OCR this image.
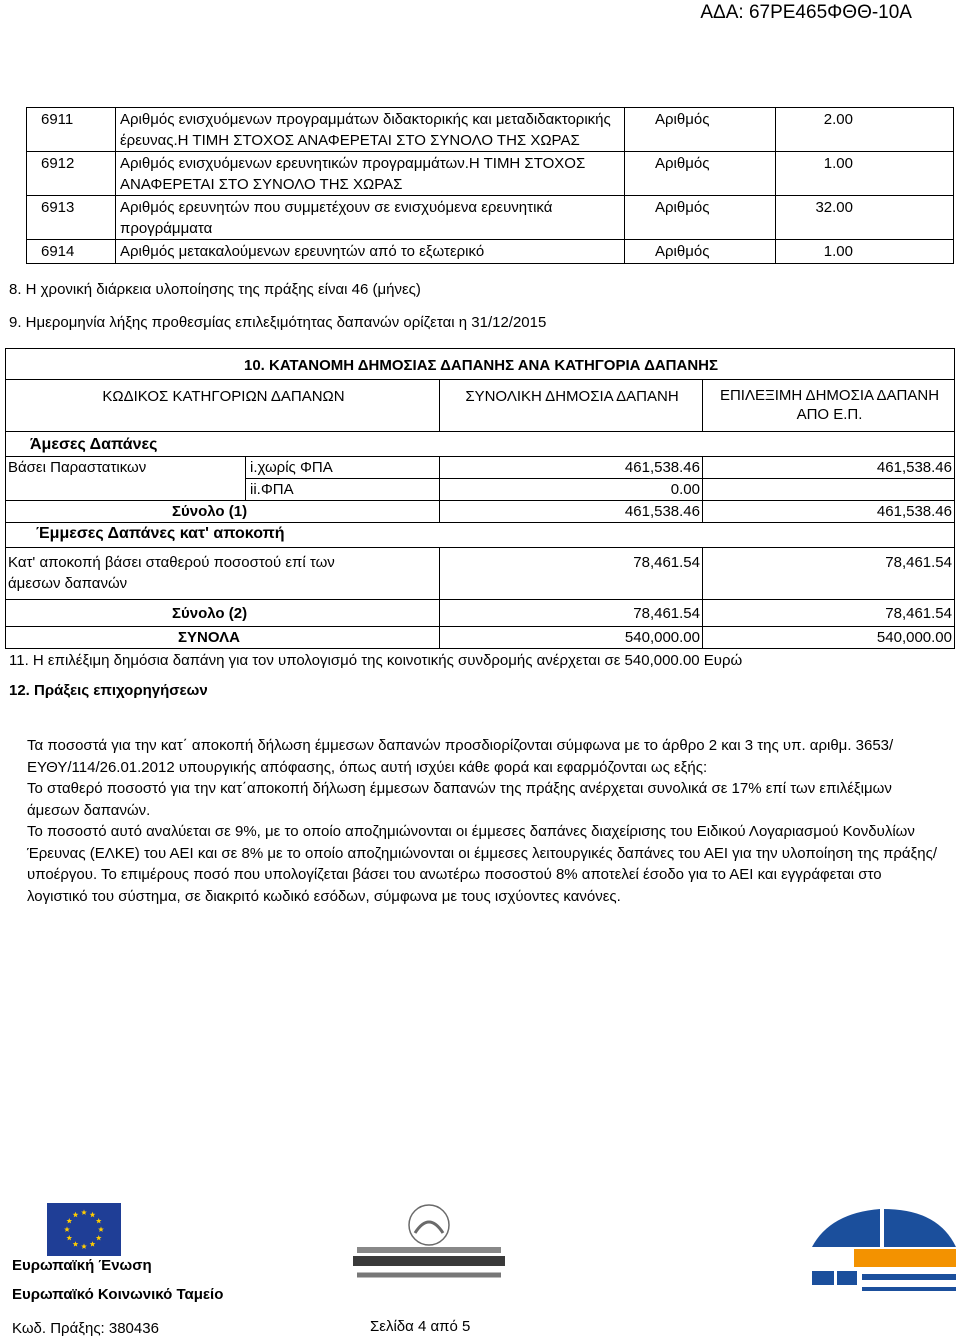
ΑΔΑ: 67ΡΕ465ΦΘΘ-10Α
6911	Αριθμός ενισχυόμενων προγραμμάτων διδακτορικής και μεταδιδακτορικής έρευνας.Η ΤΙΜΗ ΣΤΟΧΟΣ ΑΝΑΦΕΡΕΤΑΙ ΣΤΟ ΣΥΝΟΛΟ ΤΗΣ ΧΩΡΑΣ	Αριθμός	2.00
6912	Αριθμός ενισχυόμενων ερευνητικών προγραμμάτων.Η ΤΙΜΗ ΣΤΟΧΟΣ ΑΝΑΦΕΡΕΤΑΙ ΣΤΟ ΣΥΝΟΛΟ ΤΗΣ ΧΩΡΑΣ	Αριθμός	1.00
6913	Αριθμός ερευνητών που συμμετέχουν σε ενισχυόμενα ερευνητικά προγράμματα	Αριθμός	32.00
6914	Αριθμός μετακαλούμενων ερευνητών από το εξωτερικό	Αριθμός	1.00
8. Η χρονική διάρκεια υλοποίησης της πράξης είναι 46 (μήνες)
9. Ημερομηνία λήξης προθεσμίας επιλεξιμότητας δαπανών ορίζεται η 31/12/2015
10. ΚΑΤΑΝΟΜΗ ΔΗΜΟΣΙΑΣ ΔΑΠΑΝΗΣ ΑΝΑ ΚΑΤΗΓΟΡΙΑ ΔΑΠΑΝΗΣ			
ΚΩΔΙΚΟΣ ΚΑΤΗΓΟΡΙΩΝ ΔΑΠΑΝΩΝ		ΣΥΝΟΛΙΚΗ ΔΗΜΟΣΙΑ ΔΑΠΑΝΗ	ΕΠΙΛΕΞΙΜΗ ΔΗΜΟΣΙΑ ΔΑΠΑΝΗ ΑΠΟ Ε.Π.
Άμεσες Δαπάνες			
Βάσει Παραστατικων	i.χωρίς ΦΠΑ	461,538.46	461,538.46
	ii.ΦΠΑ	0.00	
Σύνολο (1)		461,538.46	461,538.46
Έμμεσες Δαπάνες κατ' αποκοπή			
Κατ' αποκοπή βάσει σταθερού ποσοστού επί των άμεσων δαπανών		78,461.54	78,461.54
Σύνολο (2)		78,461.54	78,461.54
ΣΥΝΟΛΑ		540,000.00	540,000.00
11. Η επιλέξιμη δημόσια δαπάνη για τον υπολογισμό της κοινοτικής συνδρομής ανέρχεται σε 540,000.00 Ευρώ
12. Πράξεις επιχορηγήσεων
Τα ποσοστά για την κατ΄ αποκοπή δήλωση έμμεσων δαπανών προσδιορίζονται σύμφωνα με το άρθρο 2 και 3 της υπ. αριθμ. 3653/ΕΥΘΥ/114/26.01.2012 υπουργικής απόφασης, όπως αυτή ισχύει κάθε φορά και εφαρμόζονται ως εξής:
Το σταθερό ποσοστό για την κατ΄αποκοπή δήλωση έμμεσων δαπανών της πράξης ανέρχεται συνολικά σε 17% επί των επιλέξιμων άμεσων δαπανών.
Το ποσοστό αυτό αναλύεται σε 9%, με το οποίο αποζημιώνονται οι έμμεσες δαπάνες διαχείρισης του Ειδικού Λογαριασμού Κονδυλίων Έρευνας (ΕΛΚΕ) του ΑΕΙ και σε 8% με το οποίο αποζημιώνονται οι έμμεσες λειτουργικές δαπάνες του ΑΕΙ για την υλοποίηση της πράξης/υποέργου. Το επιμέρους ποσό που υπολογίζεται βάσει του ανωτέρω ποσοστού 8% αποτελεί έσοδο για το ΑΕΙ και εγγράφεται στο λογιστικό του σύστημα, σε διακριτό κωδικό εσόδων, σύμφωνα με τους ισχύοντες κανόνες.
Ευρωπαϊκή Ένωση
Ευρωπαϊκό Κοινωνικό Ταμείο
Κωδ. Πράξης: 380436	Σελίδα 4 από 5
